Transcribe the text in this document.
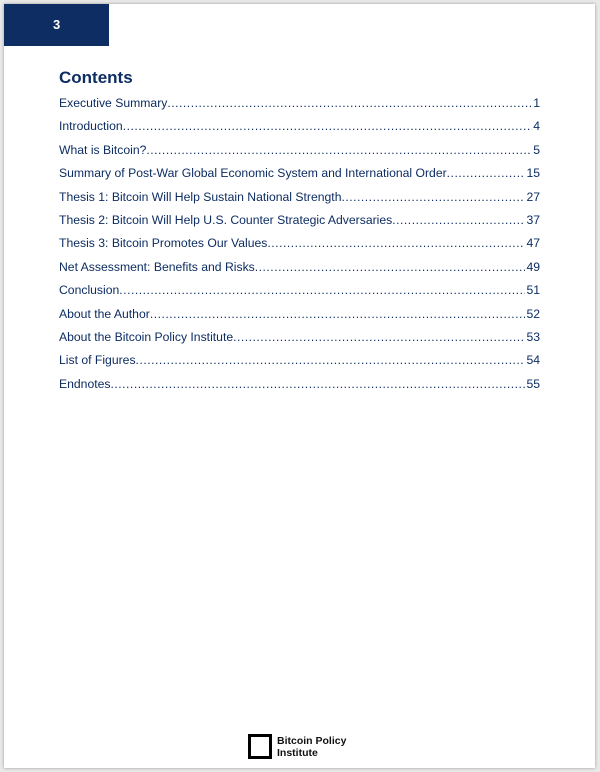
3
Contents
Executive Summary .....	1
Introduction .....	4
What is Bitcoin? .....	5
Summary of Post-War Global Economic System and International Order .....	15
Thesis 1: Bitcoin Will Help Sustain National Strength .....	27
Thesis 2: Bitcoin Will Help U.S. Counter Strategic Adversaries .....	37
Thesis 3: Bitcoin Promotes Our Values .....	47
Net Assessment: Benefits and Risks .....	49
Conclusion .....	51
About the Author .....	52
About the Bitcoin Policy Institute .....	53
List of Figures .....	54
Endnotes .....	55
Bitcoin Policy
Institute
